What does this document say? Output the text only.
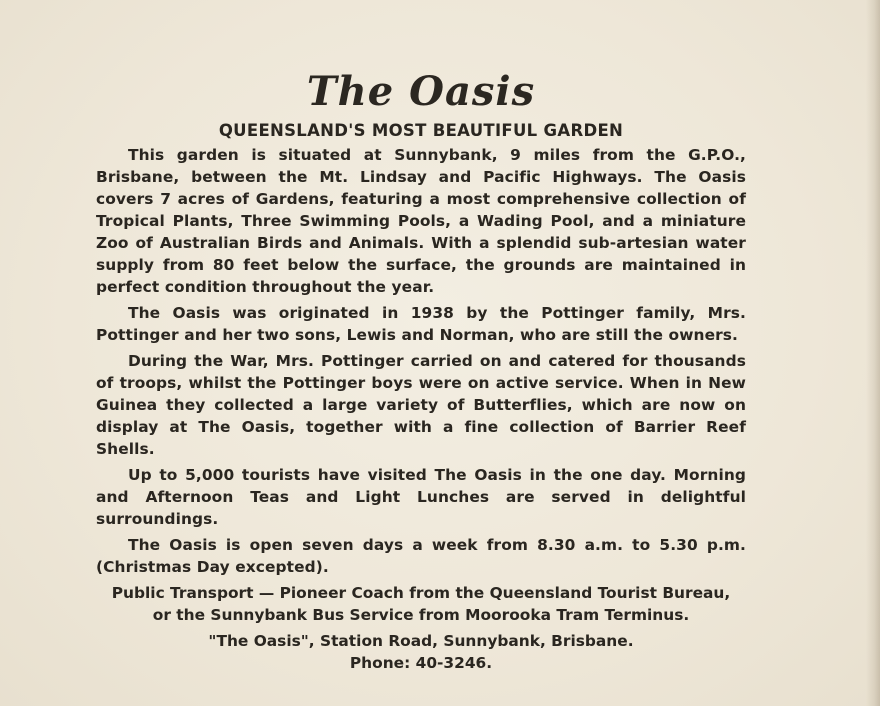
The Oasis
QUEENSLAND'S MOST BEAUTIFUL GARDEN

This garden is situated at Sunnybank, 9 miles from the G.P.O., Brisbane, between the Mt. Lindsay and Pacific Highways. The Oasis covers 7 acres of Gardens, featuring a most comprehensive collection of Tropical Plants, Three Swimming Pools, a Wading Pool, and a miniature Zoo of Australian Birds and Animals. With a splendid sub-artesian water supply from 80 feet below the surface, the grounds are maintained in perfect condition throughout the year.

The Oasis was originated in 1938 by the Pottinger family, Mrs. Pottinger and her two sons, Lewis and Norman, who are still the owners.

During the War, Mrs. Pottinger carried on and catered for thousands of troops, whilst the Pottinger boys were on active service. When in New Guinea they collected a large variety of Butterflies, which are now on display at The Oasis, together with a fine collection of Barrier Reef Shells.

Up to 5,000 tourists have visited The Oasis in the one day. Morning and Afternoon Teas and Light Lunches are served in delightful surroundings.

The Oasis is open seven days a week from 8.30 a.m. to 5.30 p.m. (Christmas Day excepted).

Public Transport — Pioneer Coach from the Queensland Tourist Bureau,
or the Sunnybank Bus Service from Moorooka Tram Terminus.
"The Oasis", Station Road, Sunnybank, Brisbane.
Phone: 40-3246.
